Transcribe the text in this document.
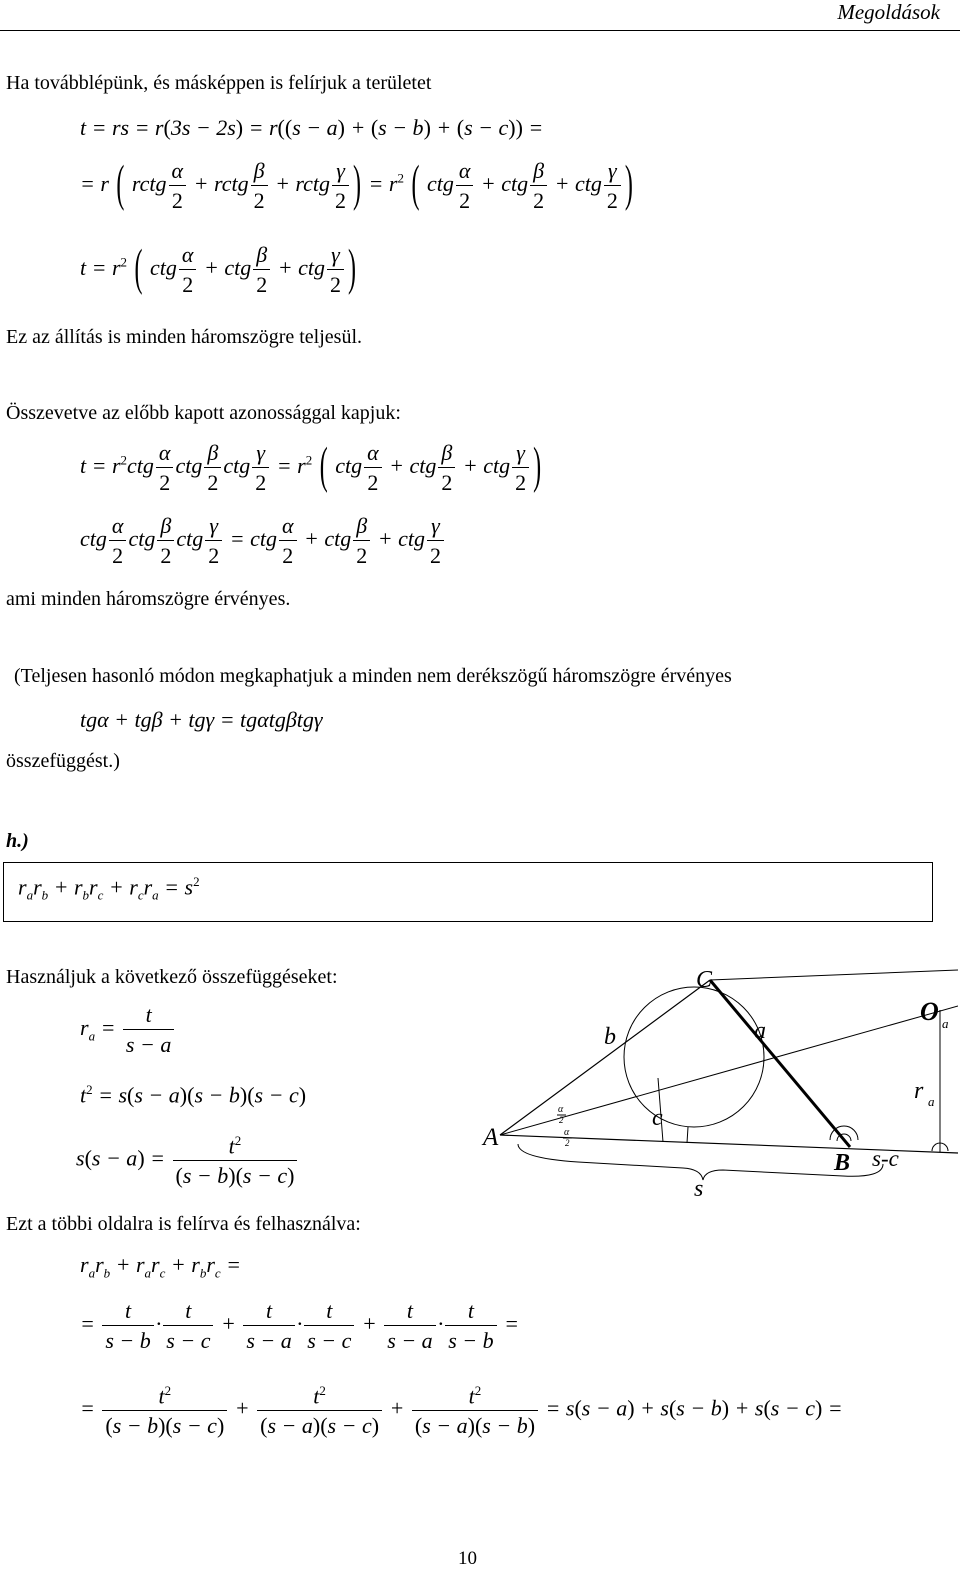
Megoldások
Ha továbblépünk, és másképpen is felírjuk a területet
t = rs = r(3s − 2s) = r((s − a) + (s − b) + (s − c)) =
= r ( rctg $\frac{\alpha}{2}$ + rctg $\frac{\beta}{2}$ + rctg $\frac{\gamma}{2}$ ) = $r^2$ ( ctg $\frac{\alpha}{2}$ + ctg $\frac{\beta}{2}$ + ctg $\frac{\gamma}{2}$ )
$t = r^2$ ( ctg $\frac{\alpha}{2}$ + ctg $\frac{\beta}{2}$ + ctg $\frac{\gamma}{2}$ )
Ez az állítás is minden háromszögre teljesül.
Összevetve az előbb kapott azonossággal kapjuk:
$t = r^2ctg \frac{\alpha}{2}$ ctg $\frac{\beta}{2}$ ctg $\frac{\gamma}{2} = r^2$ ( ctg $\frac{\alpha}{2}$ + ctg $\frac{\beta}{2}$ + ctg $\frac{\gamma}{2}$ )
ctg $\frac{\alpha}{2}$ ctg $\frac{\beta}{2}$ ctg $\frac{\gamma}{2}$ = ctg $\frac{\alpha}{2}$ + ctg $\frac{\beta}{2}$ + ctg $\frac{\gamma}{2}$
ami minden háromszögre érvényes.
(Teljesen hasonló módon megkaphatjuk a minden nem derékszögű háromszögre érvényes
tgα + tgβ + tgγ = tgαtgβtgγ
összefüggést.)
h.)
$r_ar_b + r_br_c + r_cr_a = s^2$
Használjuk a következő összefüggéseket:
$r_a = \frac{t}{s - a}$
$t^2 = s(s - a)(s - b)(s - c)$
$s(s - a) = \frac{t^2}{(s - b)(s - c)}$
Ezt a többi oldalra is felírva és felhasználva:
$r_ar_b + r_ar_c + r_br_c$ =
= $\frac{t}{s - b} \cdot \frac{t}{s - c} + \frac{t}{s - a} \cdot \frac{t}{s - c} + \frac{t}{s - a} \cdot \frac{t}{s - b}$ =
= $\frac{t^2}{(s - b)(s - c)} + \frac{t^2}{(s - a)(s - c)} + \frac{t^2}{(s - a)(s - b)} = s(s - a) + s(s - b) + s(s - c)$ =
C
O a
b	a
A
c
B s-c
s
r a
α
2
α
2
10
